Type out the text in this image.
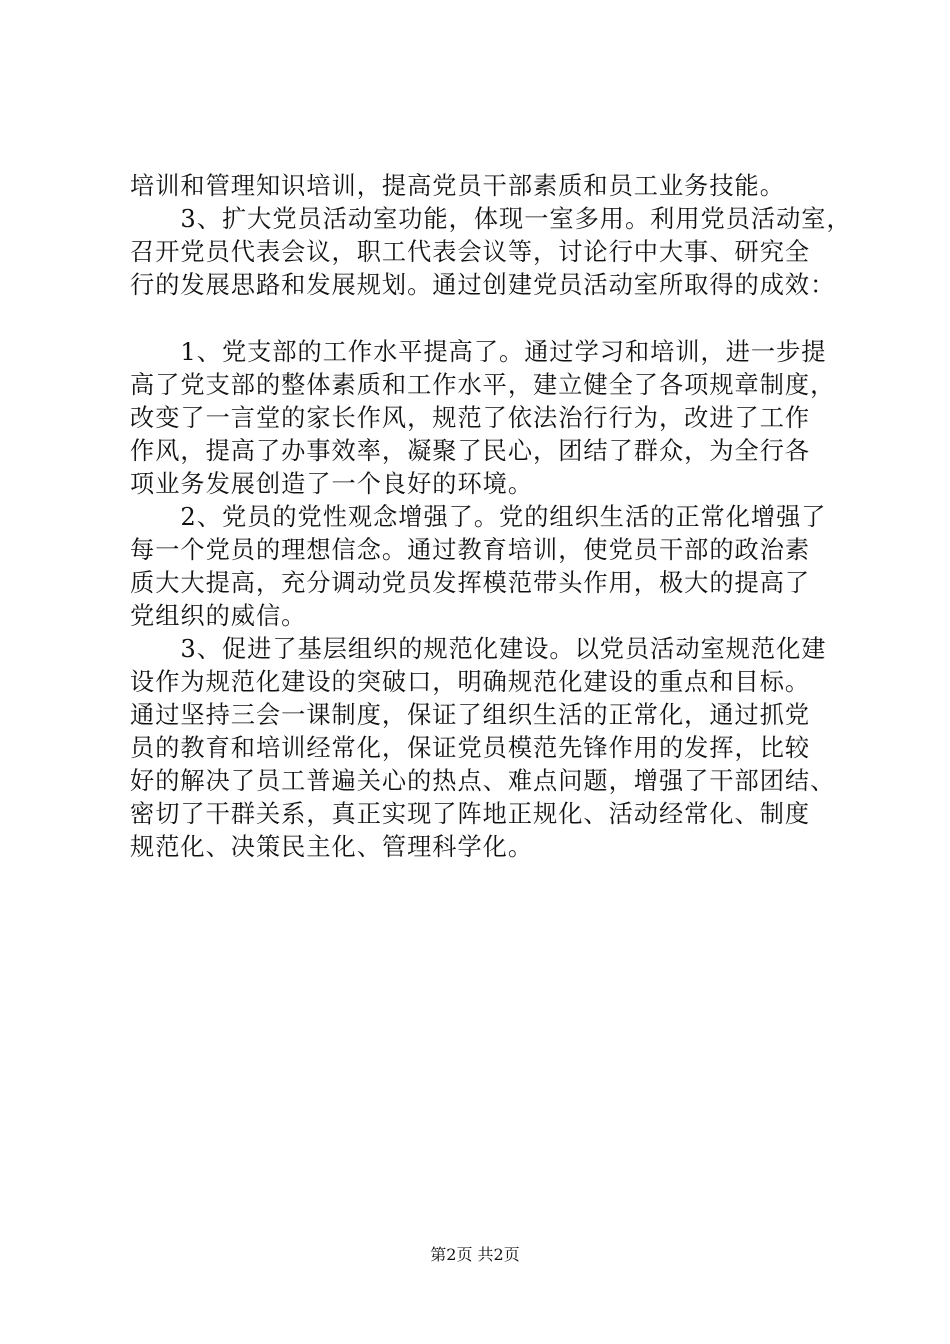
培训和管理知识培训，提高党员干部素质和员工业务技能。
　　3、扩大党员活动室功能，体现一室多用。利用党员活动室，
召开党员代表会议，职工代表会议等，讨论行中大事、研究全
行的发展思路和发展规划。通过创建党员活动室所取得的成效：
　　1、党支部的工作水平提高了。通过学习和培训，进一步提
高了党支部的整体素质和工作水平，建立健全了各项规章制度，
改变了一言堂的家长作风，规范了依法治行行为，改进了工作
作风，提高了办事效率，凝聚了民心，团结了群众，为全行各
项业务发展创造了一个良好的环境。
　　2、党员的党性观念增强了。党的组织生活的正常化增强了
每一个党员的理想信念。通过教育培训，使党员干部的政治素
质大大提高，充分调动党员发挥模范带头作用，极大的提高了
党组织的威信。
　　3、促进了基层组织的规范化建设。以党员活动室规范化建
设作为规范化建设的突破口，明确规范化建设的重点和目标。
通过坚持三会一课制度，保证了组织生活的正常化，通过抓党
员的教育和培训经常化，保证党员模范先锋作用的发挥，比较
好的解决了员工普遍关心的热点、难点问题，增强了干部团结、
密切了干群关系，真正实现了阵地正规化、活动经常化、制度
规范化、决策民主化、管理科学化。
第2页 共2页
